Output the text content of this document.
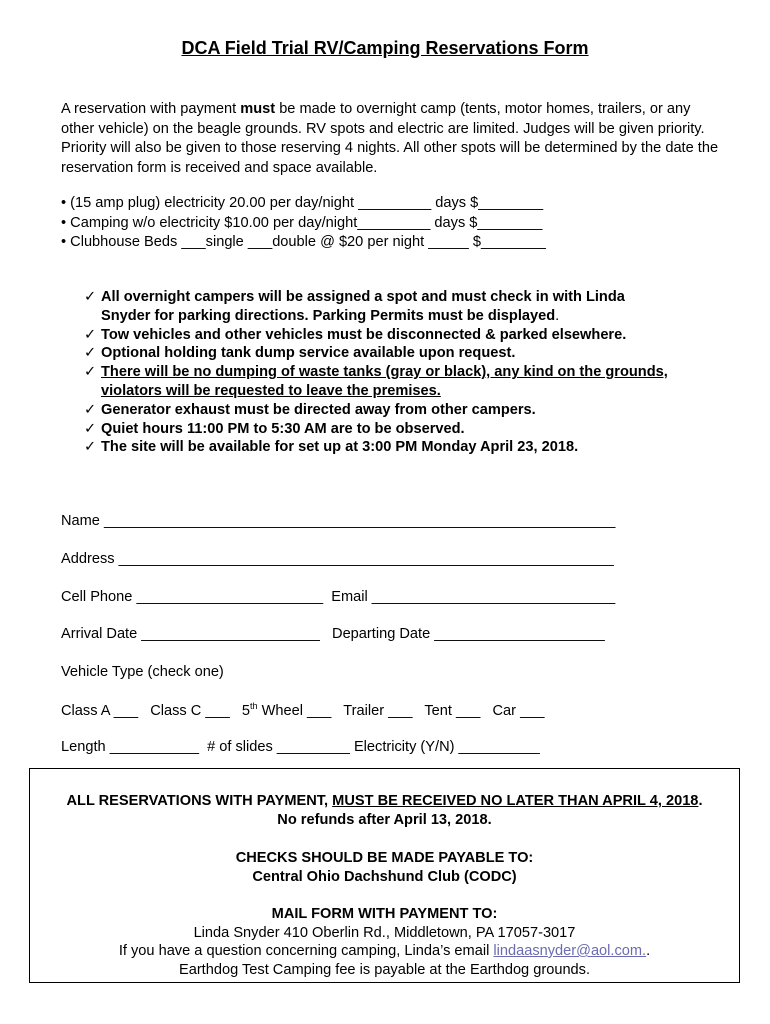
DCA Field Trial RV/Camping Reservations Form
A reservation with payment must be made to overnight camp (tents, motor homes, trailers, or any other vehicle) on the beagle grounds. RV spots and electric are limited. Judges will be given priority. Priority will also be given to those reserving 4 nights. All other spots will be determined by the date the reservation form is received and space available.
• (15 amp plug) electricity 20.00 per day/night _________ days $________
• Camping w/o electricity $10.00 per day/night_________ days $________
• Clubhouse Beds ___single ___double @ $20 per night _____ $________
✓ All overnight campers will be assigned a spot and must check in with Linda
Snyder for parking directions. Parking Permits must be displayed.
✓ Tow vehicles and other vehicles must be disconnected & parked elsewhere.
✓ Optional holding tank dump service available upon request.
✓ There will be no dumping of waste tanks (gray or black), any kind on the grounds,
violators will be requested to leave the premises.
✓ Generator exhaust must be directed away from other campers.
✓ Quiet hours 11:00 PM to 5:30 AM are to be observed.
✓ The site will be available for set up at 3:00 PM Monday April 23, 2018.
Name _______________________________________________________________
Address _____________________________________________________________
Cell Phone _______________________ Email ______________________________
Arrival Date ______________________ Departing Date _____________________
Vehicle Type (check one)
Class A ___   Class C ___   5th Wheel ___   Trailer ___   Tent ___   Car ___
Length ___________  # of slides _________ Electricity (Y/N) __________
ALL RESERVATIONS WITH PAYMENT, MUST BE RECEIVED NO LATER THAN APRIL 4, 2018.
No refunds after April 13, 2018.
CHECKS SHOULD BE MADE PAYABLE TO:
Central Ohio Dachshund Club (CODC)
MAIL FORM WITH PAYMENT TO:
Linda Snyder 410 Oberlin Rd., Middletown, PA 17057-3017
If you have a question concerning camping, Linda’s email lindaasnyder@aol.com..
Earthdog Test Camping fee is payable at the Earthdog grounds.
